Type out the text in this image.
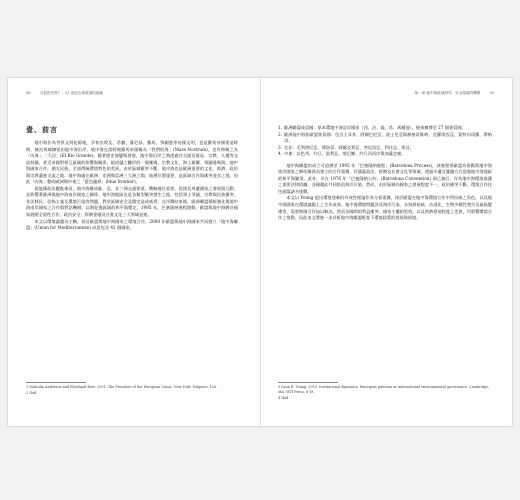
38	分裂的世界？：21 世紀全球環境的風範
壹、前言

地中海作為世界文明起源地，孕育出埃及、希臘、腓尼基、羅馬、鄂圖曼等帝國文明，也是羅馬帝國建造時期，統治領域擴張由地中海沿岸，地中海在當時被羅馬帝國稱為「我們的海」(Mare Nostrum)，也有時稱之為「內海」、「大河」(El Rio Grande)。隨著歷史演變與發展，地中海沿岸之間透過其交通及貿易、宗教、人種等交流持續，甚至帝國對相互區域的影響與關係，組成儲之雛形的一個鄰國、宗教文化、海上霸權、鄂圖曼與與，地中海國家合作，猶太民族。全部傳統環境特色的差異。由於區域衝突不斷，地中海也是歐洲重要的文化、經濟、政治與宗教遺產交流之地。地中海處在歐洲、非洲與亞洲三大洲之間，地理位置重要，是區域合作與衝突並存之地，因此「內海」整成歐洲與中東之「藍色邊界」(blue frontier)。

從地緣政治觀點來看，地中海構成歐、亞、非三洲交通要道，戰略地位重要，促使其周邊國家之發展與互動，並影響著歐洲與地中海南岸國家之關係。地中海地區也是各類型衝突發生之地，包括領土爭議、宗教與民族衝突、非法移民、恐怖主義及環境污染等問題，對於區域安全及穩定造成威脅。自冷戰結束後，歐洲聯盟積極強化與地中海南岸國家之合作與對話機制，以期促進區域的和平與穩定。1995 年，巴塞隆納進程啟動，歐盟與地中海夥伴國家展開全面性合作，政治安全、經濟金融及社會文化三大領域並進。

本文以環境議題為主軸，探討歐盟與地中海國家之環境合作，2008 年歐盟與地中海國家共同創立「地中海聯盟」(Union for Mediterranean) 成員包含 42 個國家。

1 Malcolm Anderson and Eberhard Bort. 2001. The Frontiers of the European Union. New York: Palgrave, 126.
2 Ibid.
第一章 地中海區域研究：安全環境的轉變	39
1. 歐洲聯盟成員國：原本環地中海沿岸國家（西、法、義、希、馬爾他），後來擴增至 27 個會員國；
2. 歐洲地中海非歐盟會員國：包含土耳其、阿爾巴尼亞、波士尼亞與赫塞哥維納、克羅埃西亞、蒙特內哥羅、摩納哥；
3. 北非：毛利塔尼亞、摩洛哥、阿爾及利亞、突尼西亞、利比亞、埃及；
4. 中東：以色列、約旦、敘利亞、黎巴嫩、約旦河西岸與加薩走廊。

地中海聯盟的成立可追溯至 1995 年「巴塞隆納進程」(Barcelona Process)，該進程係歐盟為推動與地中海南岸國家之夥伴關係而建立的合作架構，其涵蓋政治、經濟及社會文化等領域，透過多邊及雙邊方式促進地中海地區的和平與繁榮。此外，早在 1976 年「巴塞隆納公約」(Barcelona Convention) 即已簽訂，作為地中海環境保護之重要法律依據，各國藉此共同防治海洋污染。然而，由於區域內國家之發展程度不一，政治衝突不斷，環境合作往往面臨諸多挑戰。

本文以 Young 提出環境建制的有效性理論作為分析架構，探討歐盟在地中海環境合作中所扮演之角色，以及地中海國家在環境議題上之合作成效。地中海環境問題涉及海洋污染、水資源短缺、沙漠化、生物多樣性喪失及氣候變遷等，需要跨國合作加以解決。然而各國間的利益衝突、國家主權的堅持，以及經濟發展程度之差異，均影響環境合作之推動，因此本文將進一步評析地中海聯盟框架下環境政策的發展與困境。

3 Oran R. Young. 2010. Institutional dynamics: Emergent patterns in international environmental governance. Cambridge, MA: MIT Press, 8-15.
4 Ibid.
